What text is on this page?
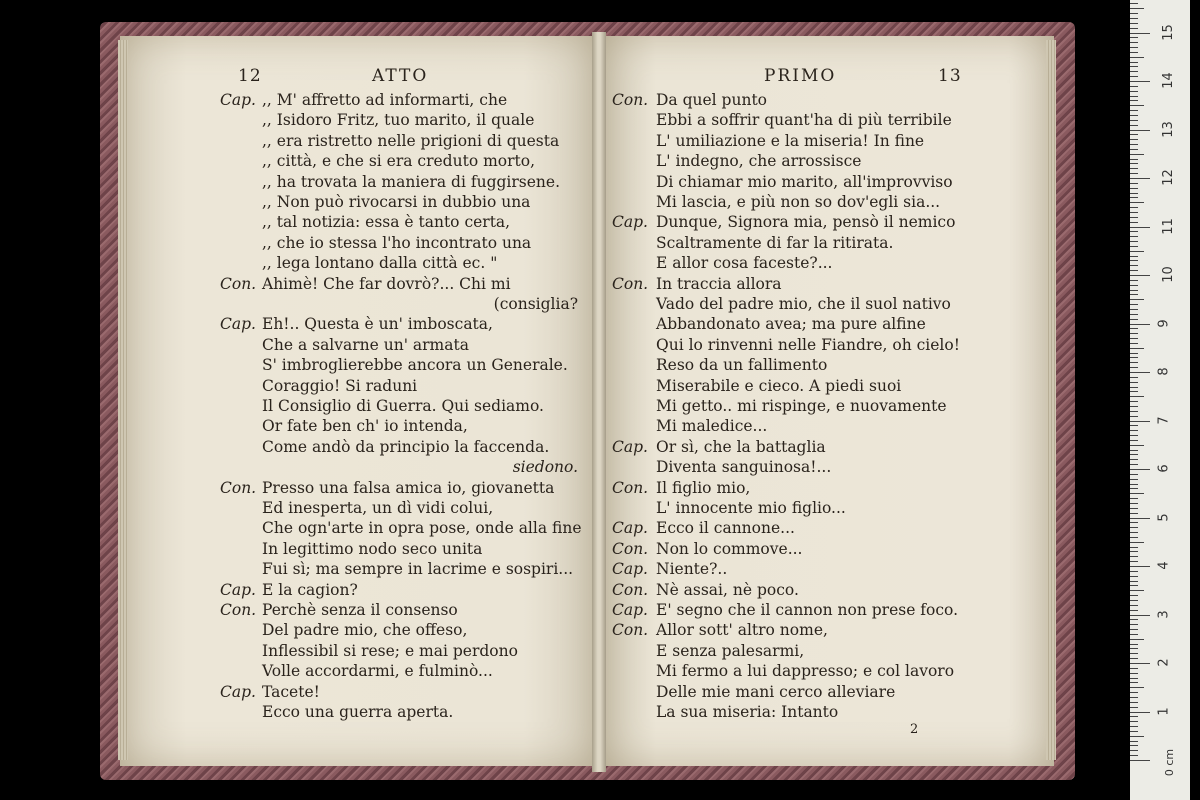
12	ATTO	PRIMO	13
Cap. ,, M' affretto ad informarti, che
,, Isidoro Fritz, tuo marito, il quale
,, era ristretto nelle prigioni di questa
,, città, e che si era creduto morto,
,, ha trovata la maniera di fuggirsene.
,, Non può rivocarsi in dubbio una
,, tal notizia: essa è tanto certa,
,, che io stessa l'ho incontrato una
,, lega lontano dalla città ec. "
Con. Ahimè! Che far dovrò?... Chi mi
(consiglia?
Cap. Eh!.. Questa è un' imboscata,
Che a salvarne un' armata
S' imbroglierebbe ancora un Generale.
Coraggio! Si raduni
Il Consiglio di Guerra. Qui sediamo.
Or fate ben ch' io intenda,
Come andò da principio la faccenda.
siedono.
Con. Presso una falsa amica io, giovanetta
Ed inesperta, un dì vidi colui,
Che ogn'arte in opra pose, onde alla fine
In legittimo nodo seco unita
Fui sì; ma sempre in lacrime e sospiri...
Cap. E la cagion?
Con. Perchè senza il consenso
Del padre mio, che offeso,
Inflessibil si rese; e mai perdono
Volle accordarmi, e fulminò...
Cap. Tacete!
Ecco una guerra aperta.
Con. Da quel punto
Ebbi a soffrir quant'ha di più terribile
L' umiliazione e la miseria! In fine
L' indegno, che arrossisce
Di chiamar mio marito, all'improvviso
Mi lascia, e più non so dov'egli sia...
Cap. Dunque, Signora mia, pensò il nemico
Scaltramente di far la ritirata.
E allor cosa faceste?...
Con. In traccia allora
Vado del padre mio, che il suol nativo
Abbandonato avea; ma pure alfine
Qui lo rinvenni nelle Fiandre, oh cielo!
Reso da un fallimento
Miserabile e cieco. A piedi suoi
Mi getto.. mi rispinge, e nuovamente
Mi maledice...
Cap. Or sì, che la battaglia
Diventa sanguinosa!...
Con. Il figlio mio,
L' innocente mio figlio...
Cap. Ecco il cannone...
Con. Non lo commove...
Cap. Niente?..
Con. Nè assai, nè poco.
Cap. E' segno che il cannon non prese foco.
Con. Allor sott' altro nome,
E senza palesarmi,
Mi fermo a lui dappresso; e col lavoro
Delle mie mani cerco alleviare
La sua miseria: Intanto
2
0 cm
1
2
3
4
5
6
7
8
9
10
11
12
13
14
15
